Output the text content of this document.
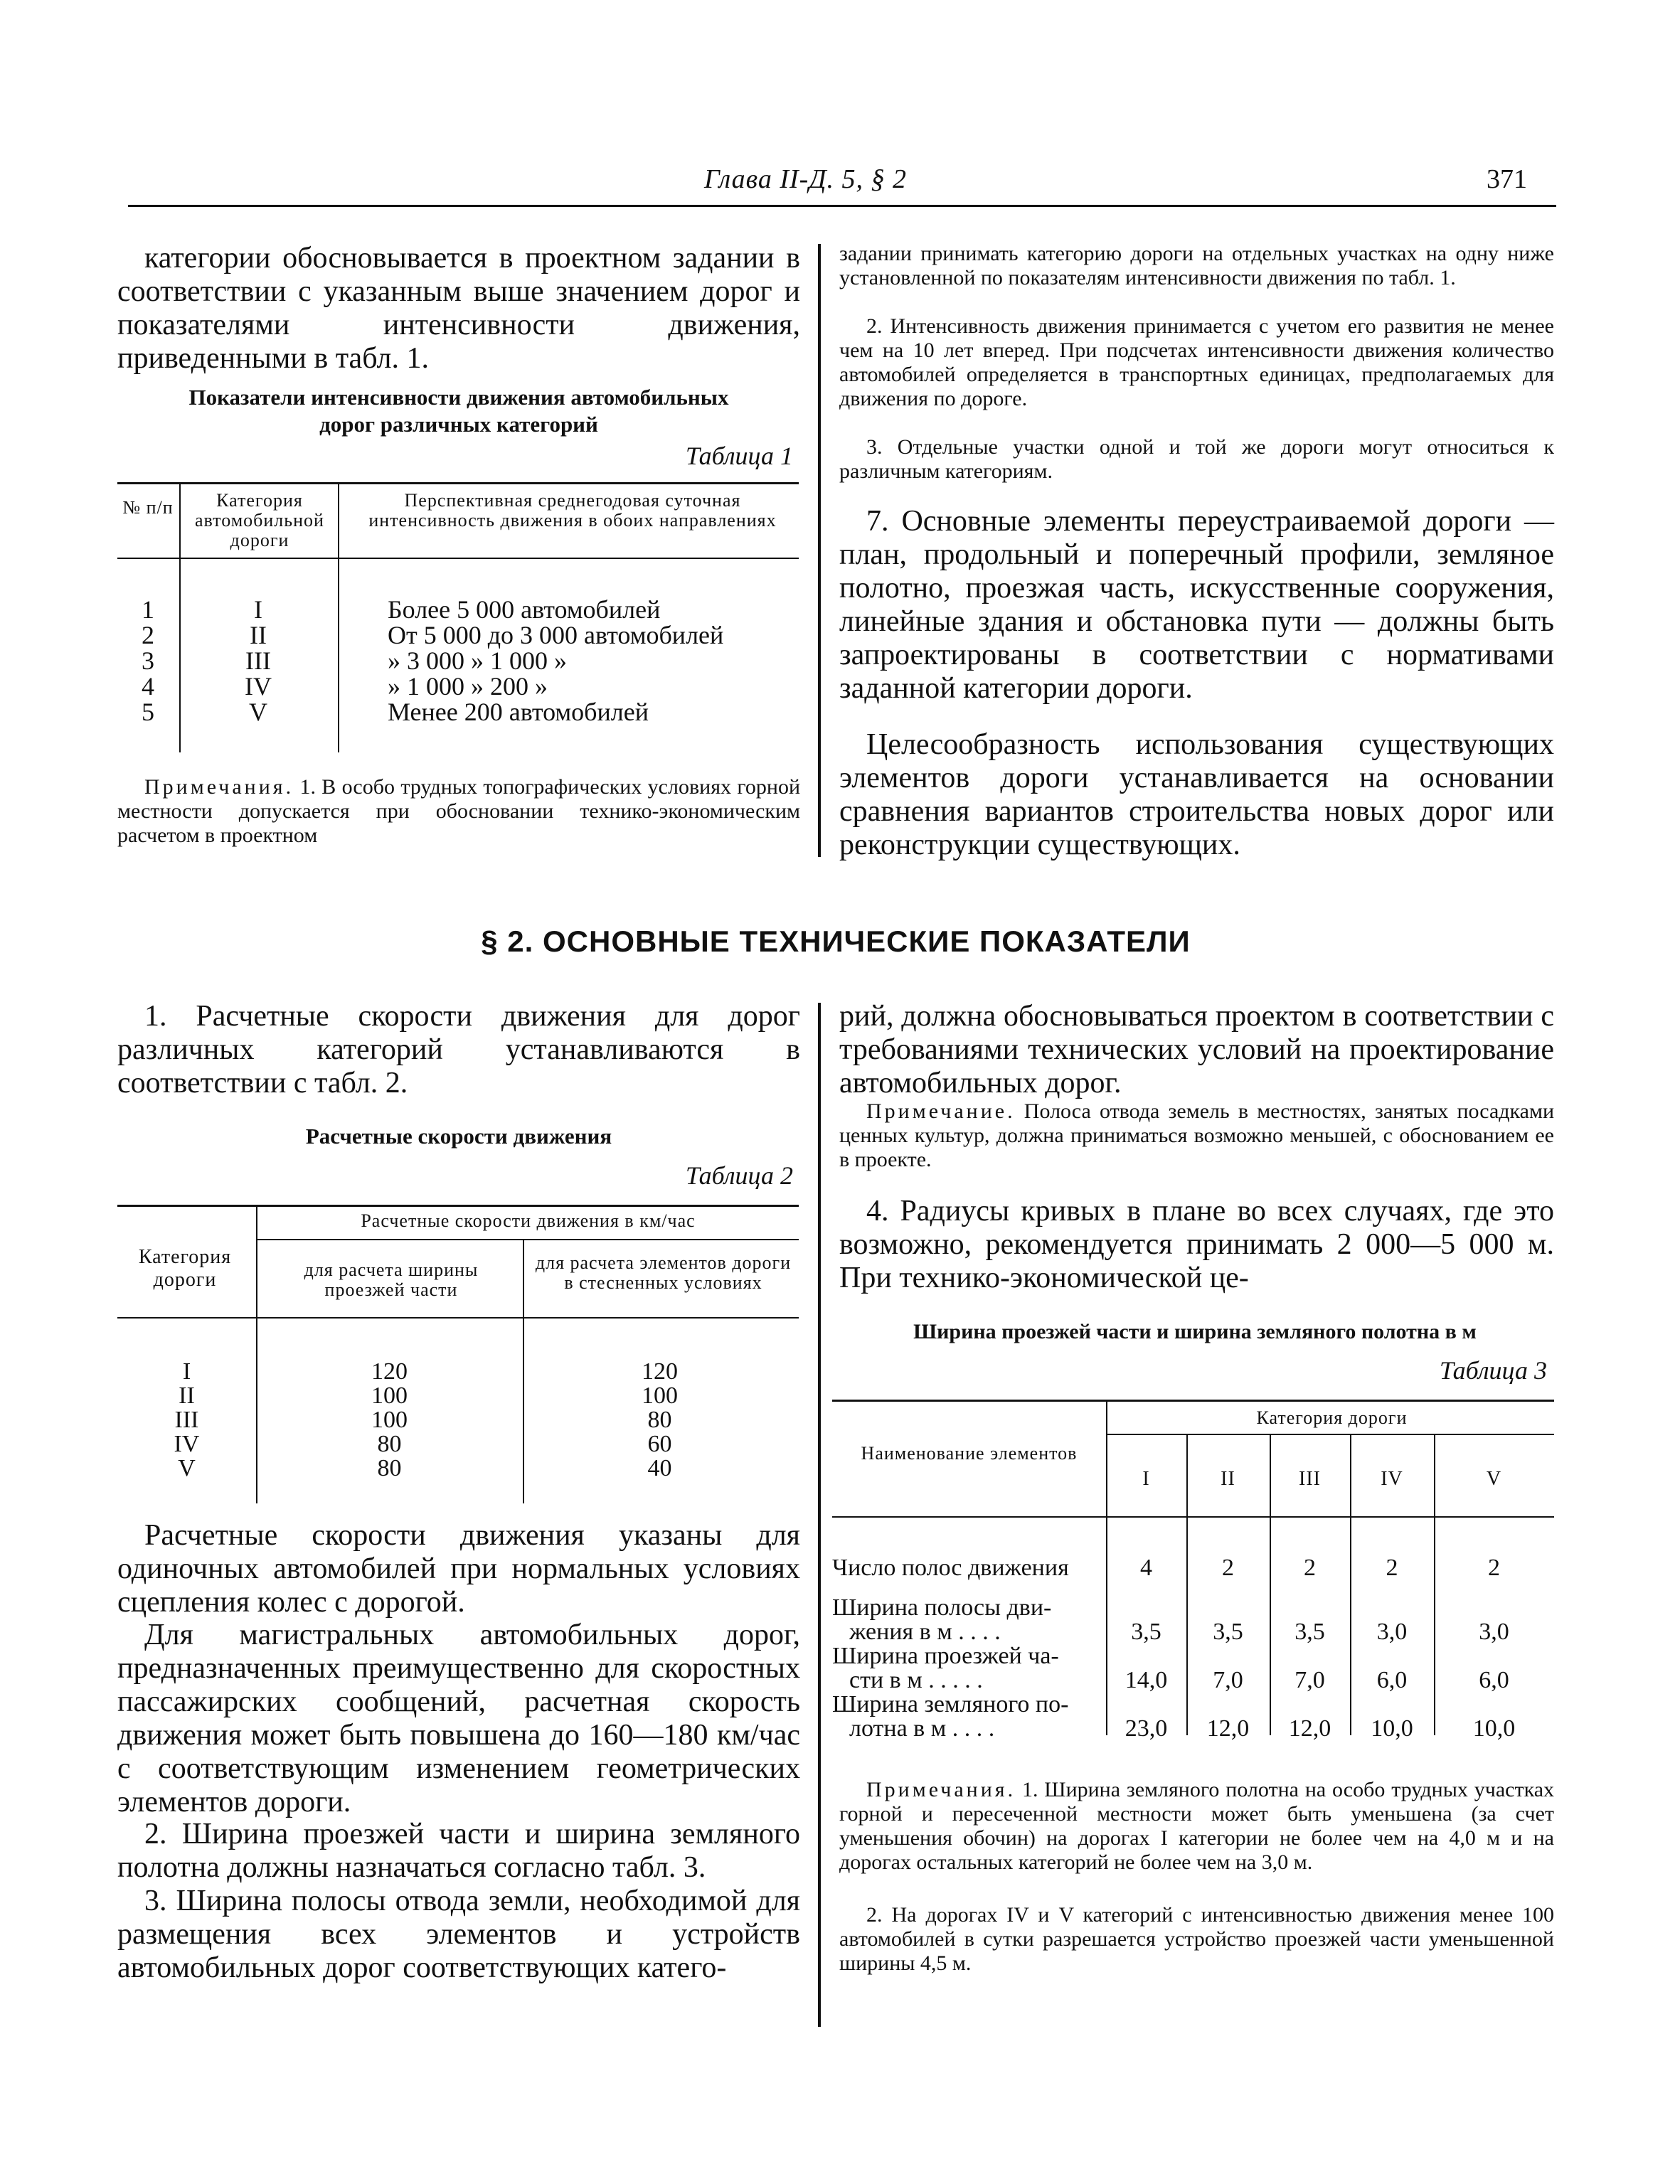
Глава II-Д. 5, § 2	371

категории обосновывается в проектном задании в соответствии с указанным выше значением дорог и показателями интенсивности движения, приведенными в табл. 1.

Показатели интенсивности движения автомобильных
дорог различных категорий
Таблица 1
№ п/п	Категория автомобильной дороги
Перспективная среднегодовая суточная интенсивность движения в обоих направлениях
1	I	Более 5 000 автомобилей
2	II	От 5 000 до 3 000 автомобилей
3	III	» 3 000 » 1 000 »
4	IV	» 1 000 » 200 »
5	V	Менее 200 автомобилей

Примечания. 1. В особо трудных топографических условиях горной местности допускается при обосновании технико-экономическим расчетом в проектном

задании принимать категорию дороги на отдельных участках на одну ниже установленной по показателям интенсивности движения по табл. 1.

2. Интенсивность движения принимается с учетом его развития не менее чем на 10 лет вперед. При подсчетах интенсивности движения количество автомобилей определяется в транспортных единицах, предполагаемых для движения по дороге.

3. Отдельные участки одной и той же дороги могут относиться к различным категориям.

7. Основные элементы переустраиваемой дороги — план, продольный и поперечный профили, земляное полотно, проезжая часть, искусственные сооружения, линейные здания и обстановка пути — должны быть запроектированы в соответствии с нормативами заданной категории дороги.

Целесообразность использования существующих элементов дороги устанавливается на основании сравнения вариантов строительства новых дорог или реконструкции существующих.

§ 2. ОСНОВНЫЕ ТЕХНИЧЕСКИЕ ПОКАЗАТЕЛИ

1. Расчетные скорости движения для дорог различных категорий устанавливаются в соответствии с табл. 2.

Расчетные скорости движения
Таблица 2
Категория дороги
Расчетные скорости движения в км/час
для расчета ширины проезжей части
для расчета элементов дороги в стесненных условиях
I	120	120
II	100	100
III	100	80
IV	80	60
V	80	40

Расчетные скорости движения указаны для одиночных автомобилей при нормальных условиях сцепления колес с дорогой.

Для магистральных автомобильных дорог, предназначенных преимущественно для скоростных пассажирских сообщений, расчетная скорость движения может быть повышена до 160—180 км/час с соответствующим изменением геометрических элементов дороги.

2. Ширина проезжей части и ширина земляного полотна должны назначаться согласно табл. 3.

3. Ширина полосы отвода земли, необходимой для размещения всех элементов и устройств автомобильных дорог соответствующих катего-

рий, должна обосновываться проектом в соответствии с требованиями технических условий на проектирование автомобильных дорог.

Примечание. Полоса отвода земель в местностях, занятых посадками ценных культур, должна приниматься возможно меньшей, с обоснованием ее в проекте.

4. Радиусы кривых в плане во всех случаях, где это возможно, рекомендуется принимать 2 000—5 000 м. При технико-экономической це-

Ширина проезжей части и ширина земляного полотна в м
Таблица 3
Наименование элементов
Категория дороги
I	II	III	IV	V
Число полос движения	4	2	2	2	2
Ширина полосы дви-
жения в м . . . .	3,5	3,5	3,5	3,0	3,0
Ширина проезжей ча-
сти в м . . . . .	14,0	7,0	7,0	6,0	6,0
Ширина земляного по-
лотна в м . . . .	23,0	12,0	12,0	10,0	10,0

Примечания. 1. Ширина земляного полотна на особо трудных участках горной и пересеченной местности может быть уменьшена (за счет уменьшения обочин) на дорогах I категории не более чем на 4,0 м и на дорогах остальных категорий не более чем на 3,0 м.

2. На дорогах IV и V категорий с интенсивностью движения менее 100 автомобилей в сутки разрешается устройство проезжей части уменьшенной ширины 4,5 м.
